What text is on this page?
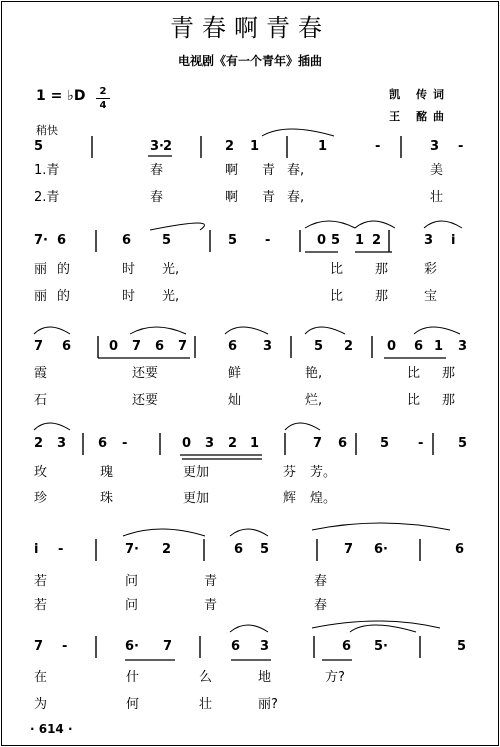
青春啊青春
电视剧《有一个青年》插曲
1 = ♭D	2
4
凯 传词
王 酩曲
稍快
5	3· 2	2 1	1	-	3 -
1.青	春	啊 青 春,	美
2.青	春	啊 青 春,	壮
7· 6	6 5	5 -	0 5 1 2	3 i
丽 的	时 光,	比 那	彩
丽 的	时 光,	比 那	宝
7 6	0 7 6 7	6 3	5 2	0 6 1 3
霞	还要	鲜	艳,	比 那
石	还要	灿	烂,	比 那
2 3 6 -	0 3 2 1	7 6	5 -	5
玫	瑰	更加	芬 芳。
珍	珠	更加	辉 煌。
i -	7· 2	6 5	7 6·	6
若	问	青	春
若	问	青	春
7 -	6· 7	6 3	6 5·	5
在	什	么	地	方?
为	何	壮	丽?
· 614 ·
